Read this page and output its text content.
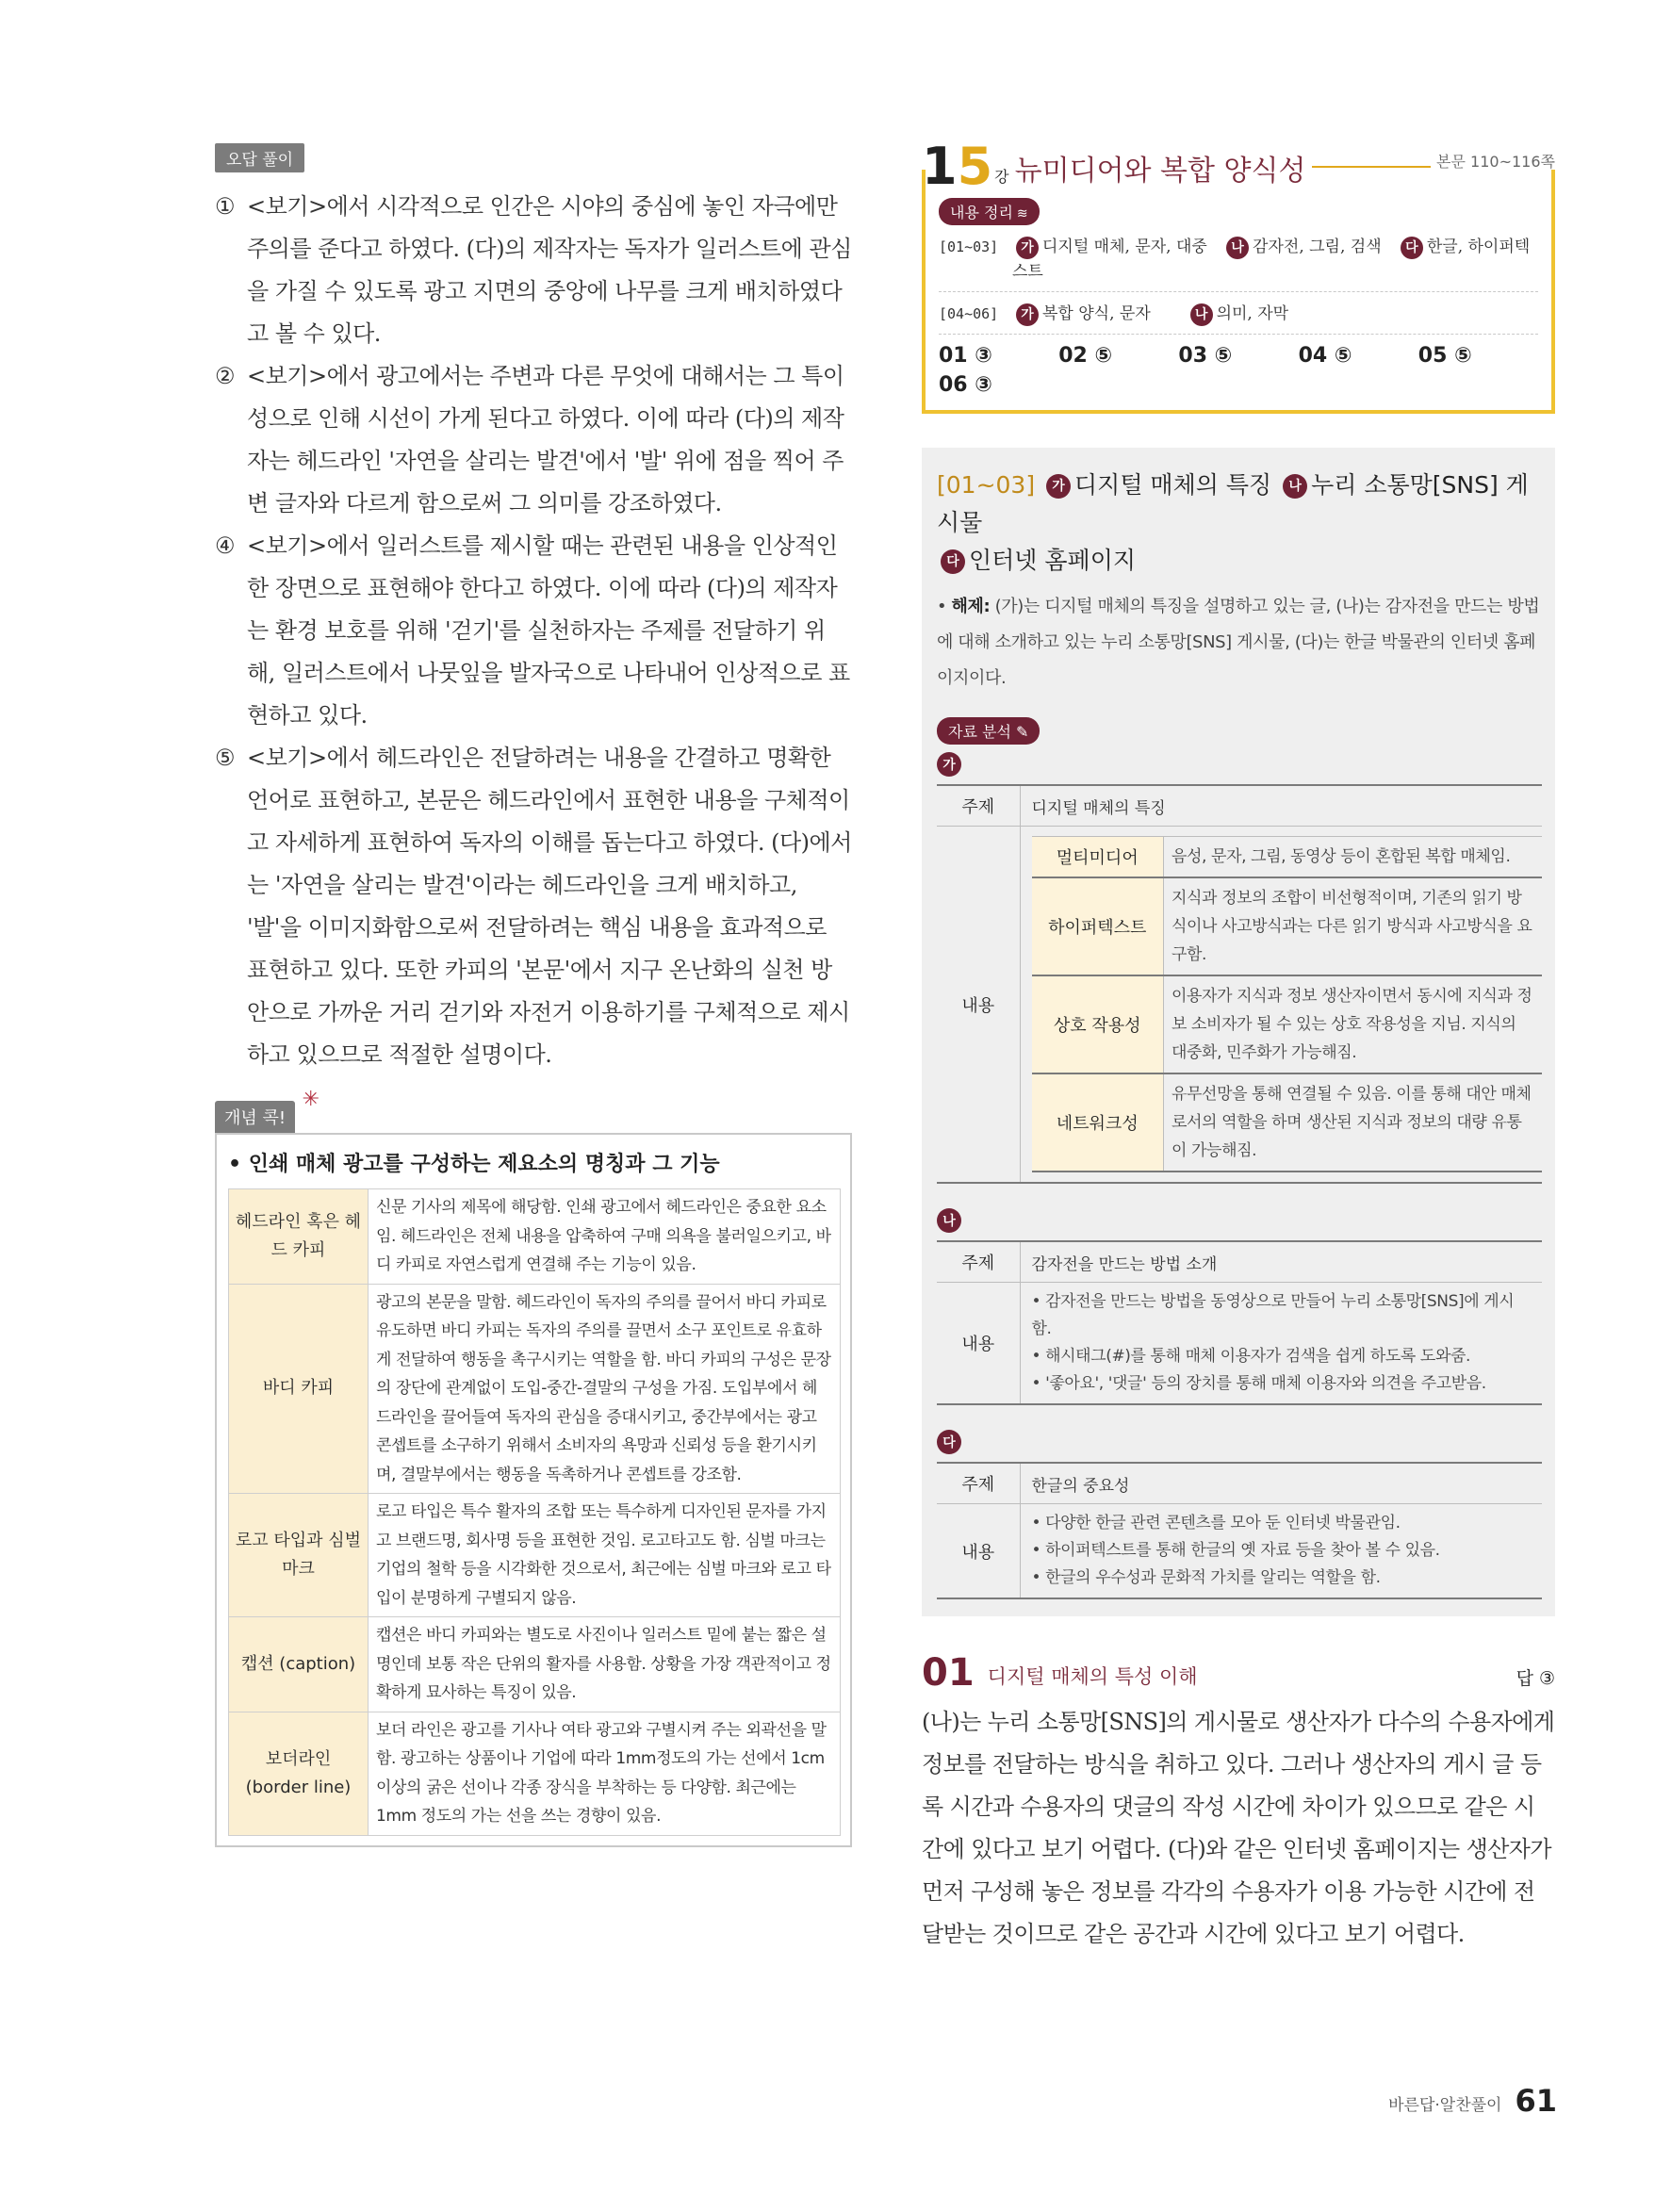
오답 풀이
① <보기>에서 시각적으로 인간은 시야의 중심에 놓인 자극에만 주의를 준다고 하였다. (다)의 제작자는 독자가 일러스트에 관심을 가질 수 있도록 광고 지면의 중앙에 나무를 크게 배치하였다고 볼 수 있다.
② <보기>에서 광고에서는 주변과 다른 무엇에 대해서는 그 특이성으로 인해 시선이 가게 된다고 하였다. 이에 따라 (다)의 제작자는 헤드라인 '자연을 살리는 발견'에서 '발' 위에 점을 찍어 주변 글자와 다르게 함으로써 그 의미를 강조하였다.
④ <보기>에서 일러스트를 제시할 때는 관련된 내용을 인상적인 한 장면으로 표현해야 한다고 하였다. 이에 따라 (다)의 제작자는 환경 보호를 위해 '걷기'를 실천하자는 주제를 전달하기 위해, 일러스트에서 나뭇잎을 발자국으로 나타내어 인상적으로 표현하고 있다.
⑤ <보기>에서 헤드라인은 전달하려는 내용을 간결하고 명확한 언어로 표현하고, 본문은 헤드라인에서 표현한 내용을 구체적이고 자세하게 표현하여 독자의 이해를 돕는다고 하였다. (다)에서는 '자연을 살리는 발견'이라는 헤드라인을 크게 배치하고, '발'을 이미지화함으로써 전달하려는 핵심 내용을 효과적으로 표현하고 있다. 또한 카피의 '본문'에서 지구 온난화의 실천 방안으로 가까운 거리 걷기와 자전거 이용하기를 구체적으로 제시하고 있으므로 적절한 설명이다.
개념 콕!
✳
• 인쇄 매체 광고를 구성하는 제요소의 명칭과 그 기능
헤드라인 혹은 헤드 카피	신문 기사의 제목에 해당함. 인쇄 광고에서 헤드라인은 중요한 요소임. 헤드라인은 전체 내용을 압축하여 구매 의욕을 불러일으키고, 바디 카피로 자연스럽게 연결해 주는 기능이 있음.
바디 카피	광고의 본문을 말함. 헤드라인이 독자의 주의를 끌어서 바디 카피로 유도하면 바디 카피는 독자의 주의를 끌면서 소구 포인트로 유효하게 전달하여 행동을 촉구시키는 역할을 함. 바디 카피의 구성은 문장의 장단에 관계없이 도입-중간-결말의 구성을 가짐. 도입부에서 헤드라인을 끌어들여 독자의 관심을 증대시키고, 중간부에서는 광고 콘셉트를 소구하기 위해서 소비자의 욕망과 신뢰성 등을 환기시키며, 결말부에서는 행동을 독촉하거나 콘셉트를 강조함.
로고 타입과 심벌 마크	로고 타입은 특수 활자의 조합 또는 특수하게 디자인된 문자를 가지고 브랜드명, 회사명 등을 표현한 것임. 로고타고도 함. 심벌 마크는 기업의 철학 등을 시각화한 것으로서, 최근에는 심벌 마크와 로고 타입이 분명하게 구별되지 않음.
캡션 (caption)	캡션은 바디 카피와는 별도로 사진이나 일러스트 밑에 붙는 짧은 설명인데 보통 작은 단위의 활자를 사용함. 상황을 가장 객관적이고 정확하게 묘사하는 특징이 있음.
보더라인 (border line)	보더 라인은 광고를 기사나 여타 광고와 구별시켜 주는 외곽선을 말함. 광고하는 상품이나 기업에 따라 1mm정도의 가는 선에서 1cm이상의 굵은 선이나 각종 장식을 부착하는 등 다양함. 최근에는 1mm 정도의 가는 선을 쓰는 경향이 있음.
15 강 뉴미디어와 복합 양식성	본문 110~116쪽
내용 정리 ≋
[01~03]	가 디지털 매체, 문자, 대중 나 감자전, 그림, 검색 다 한글, 하이퍼텍스트
[04~06]	가 복합 양식, 문자	나 의미, 자막
01 ③	02 ⑤	03 ⑤	04 ⑤	05 ⑤
06 ③
[01~03] 가 디지털 매체의 특징 나 누리 소통망[SNS] 게시물
다 인터넷 홈페이지
• 해제: (가)는 디지털 매체의 특징을 설명하고 있는 글, (나)는 감자전을 만드는 방법에 대해 소개하고 있는 누리 소통망[SNS] 게시물, (다)는 한글 박물관의 인터넷 홈페이지이다.
자료 분석 ✎
가
주제	디지털 매체의 특징
내용	
멀티미디어	음성, 문자, 그림, 동영상 등이 혼합된 복합 매체임.
하이퍼텍스트	지식과 정보의 조합이 비선형적이며, 기존의 읽기 방식이나 사고방식과는 다른 읽기 방식과 사고방식을 요구함.
상호 작용성	이용자가 지식과 정보 생산자이면서 동시에 지식과 정보 소비자가 될 수 있는 상호 작용성을 지님. 지식의 대중화, 민주화가 가능해짐.
네트워크성	유무선망을 통해 연결될 수 있음. 이를 통해 대안 매체로서의 역할을 하며 생산된 지식과 정보의 대량 유통이 가능해짐.
나
주제	감자전을 만드는 방법 소개
내용	• 감자전을 만드는 방법을 동영상으로 만들어 누리 소통망[SNS]에 게시함.
• 해시태그(#)를 통해 매체 이용자가 검색을 쉽게 하도록 도와줌.
• '좋아요', '댓글' 등의 장치를 통해 매체 이용자와 의견을 주고받음.
다
주제	한글의 중요성
내용	• 다양한 한글 관련 콘텐츠를 모아 둔 인터넷 박물관임.
• 하이퍼텍스트를 통해 한글의 옛 자료 등을 찾아 볼 수 있음.
• 한글의 우수성과 문화적 가치를 알리는 역할을 함.
01 디지털 매체의 특성 이해	답 ③
(나)는 누리 소통망[SNS]의 게시물로 생산자가 다수의 수용자에게 정보를 전달하는 방식을 취하고 있다. 그러나 생산자의 게시 글 등록 시간과 수용자의 댓글의 작성 시간에 차이가 있으므로 같은 시간에 있다고 보기 어렵다. (다)와 같은 인터넷 홈페이지는 생산자가 먼저 구성해 놓은 정보를 각각의 수용자가 이용 가능한 시간에 전달받는 것이므로 같은 공간과 시간에 있다고 보기 어렵다.
바른답·알찬풀이 61
